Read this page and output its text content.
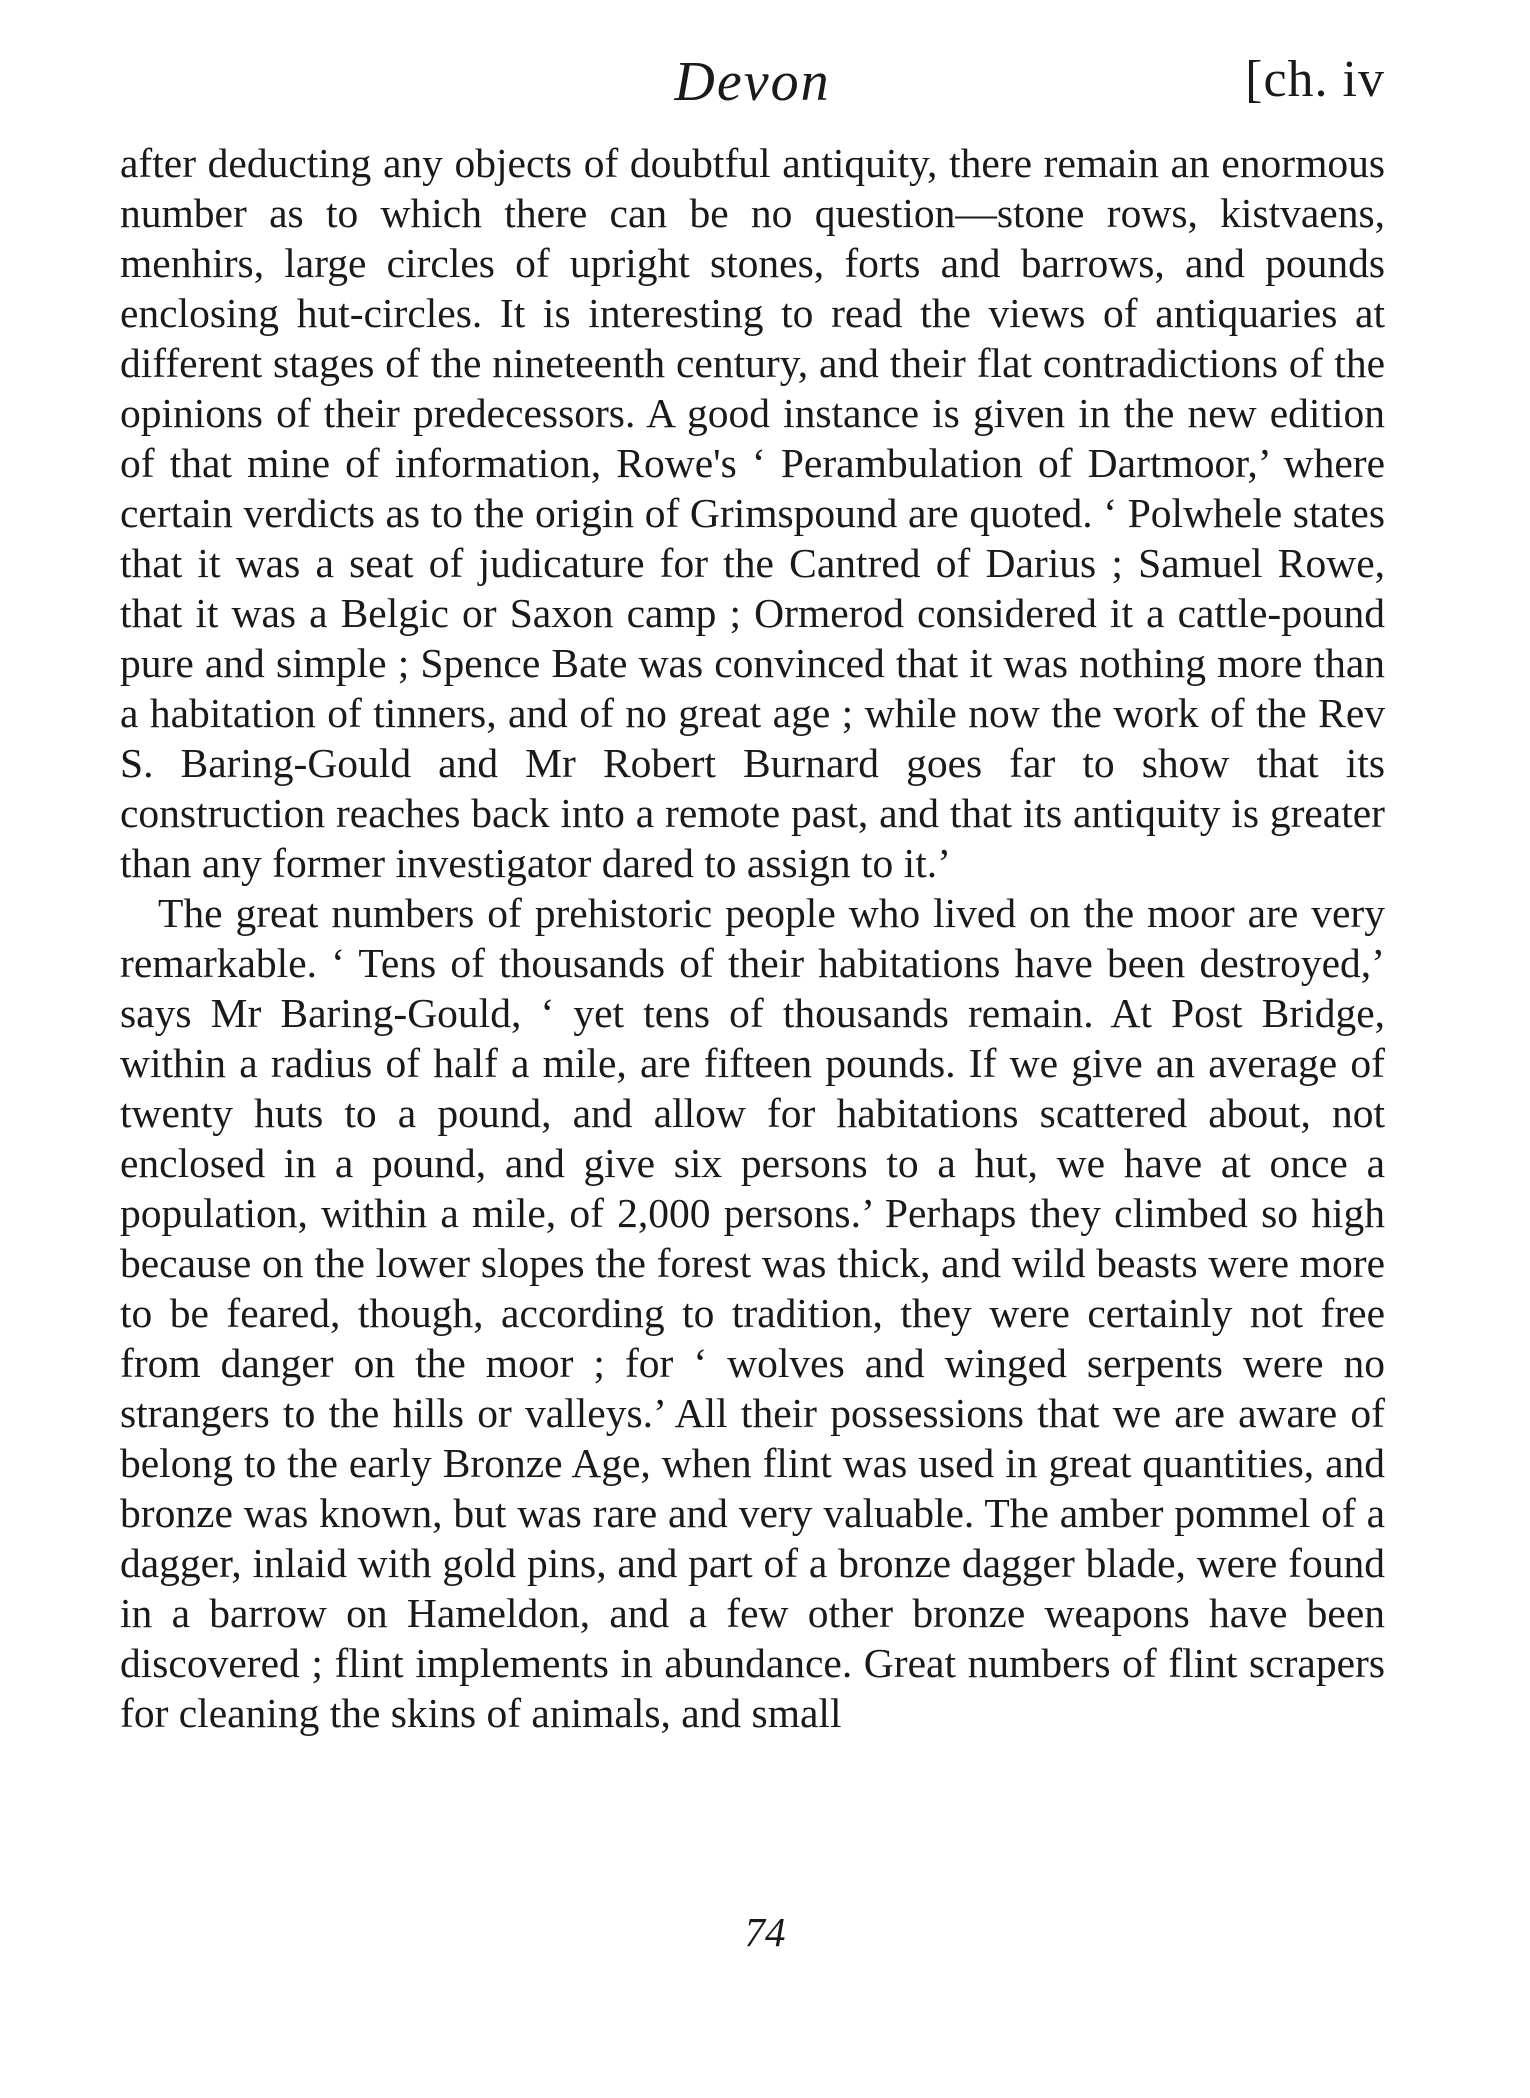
Devon	[ch. iv

after deducting any objects of doubtful antiquity, there remain an enormous number as to which there can be no question—stone rows, kistvaens, menhirs, large circles of upright stones, forts and barrows, and pounds enclosing hut-circles. It is interesting to read the views of antiquaries at different stages of the nineteenth century, and their flat contradictions of the opinions of their predecessors. A good instance is given in the new edition of that mine of information, Rowe's ‘ Perambulation of Dartmoor,’ where certain verdicts as to the origin of Grimspound are quoted. ‘ Polwhele states that it was a seat of judicature for the Cantred of Darius ; Samuel Rowe, that it was a Belgic or Saxon camp ; Ormerod considered it a cattle-pound pure and simple ; Spence Bate was convinced that it was nothing more than a habitation of tinners, and of no great age ; while now the work of the Rev S. Baring-Gould and Mr Robert Burnard goes far to show that its construction reaches back into a remote past, and that its antiquity is greater than any former investigator dared to assign to it.’

The great numbers of prehistoric people who lived on the moor are very remarkable. ‘ Tens of thousands of their habitations have been destroyed,’ says Mr Baring-Gould, ‘ yet tens of thousands remain. At Post Bridge, within a radius of half a mile, are fifteen pounds. If we give an average of twenty huts to a pound, and allow for habitations scattered about, not enclosed in a pound, and give six persons to a hut, we have at once a population, within a mile, of 2,000 persons.’ Perhaps they climbed so high because on the lower slopes the forest was thick, and wild beasts were more to be feared, though, according to tradition, they were certainly not free from danger on the moor ; for ‘ wolves and winged serpents were no strangers to the hills or valleys.’ All their possessions that we are aware of belong to the early Bronze Age, when flint was used in great quantities, and bronze was known, but was rare and very valuable. The amber pommel of a dagger, inlaid with gold pins, and part of a bronze dagger blade, were found in a barrow on Hameldon, and a few other bronze weapons have been discovered ; flint implements in abundance. Great numbers of flint scrapers for cleaning the skins of animals, and small

74
